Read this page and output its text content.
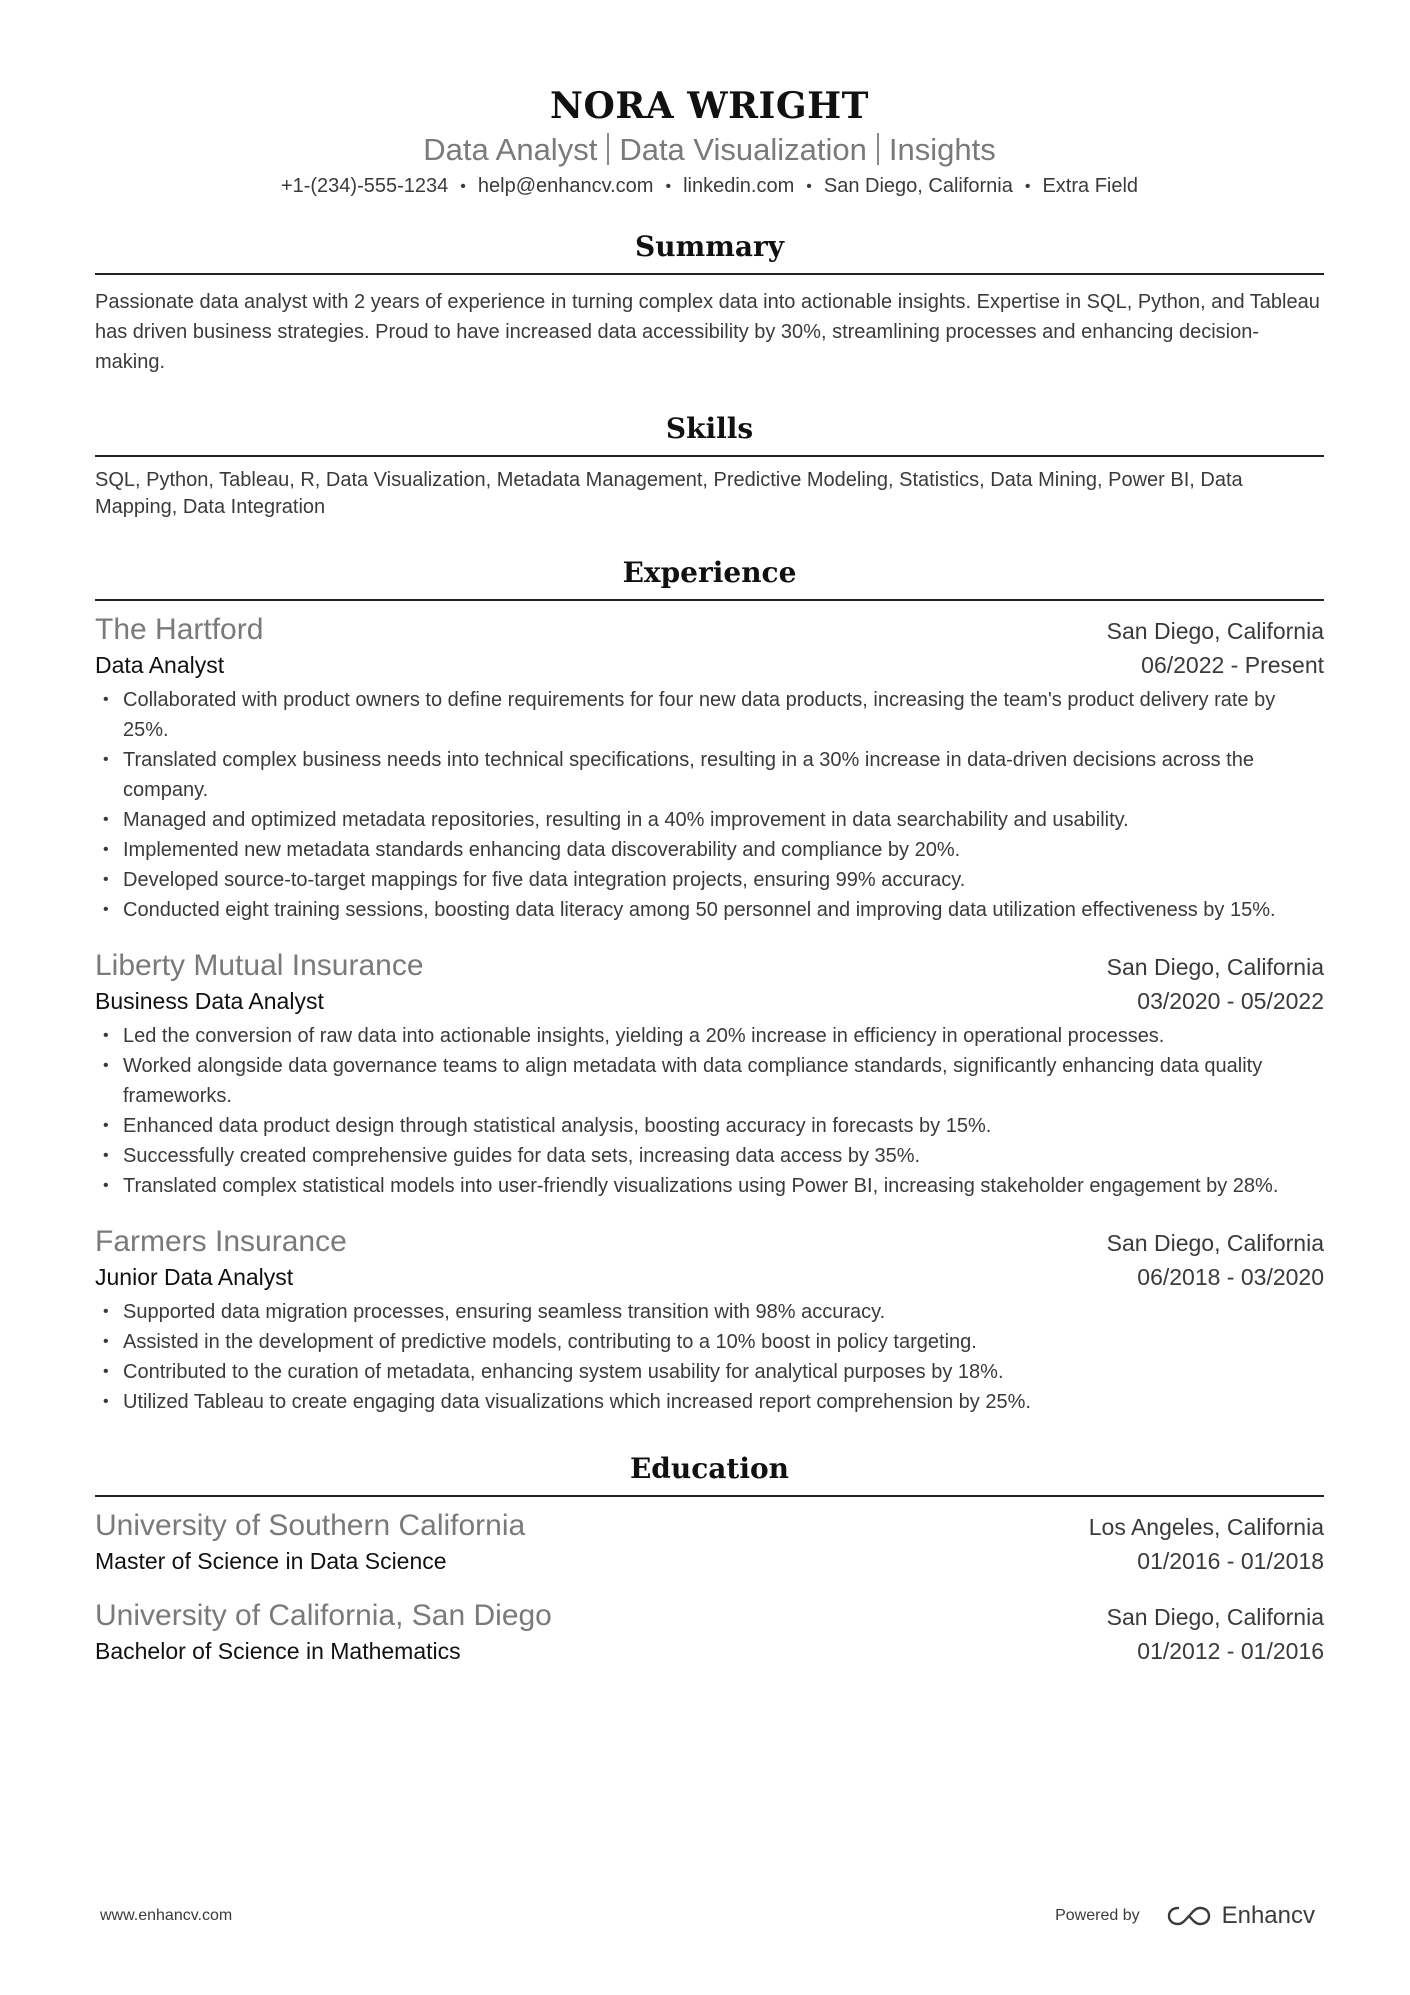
NORA WRIGHT
Data Analyst Data Visualization Insights
+1-(234)-555-1234 • help@enhancv.com • linkedin.com • San Diego, California • Extra Field
Summary
Passionate data analyst with 2 years of experience in turning complex data into actionable insights. Expertise in SQL, Python, and Tableau has driven business strategies. Proud to have increased data accessibility by 30%, streamlining processes and enhancing decision-making.
Skills
SQL, Python, Tableau, R, Data Visualization, Metadata Management, Predictive Modeling, Statistics, Data Mining, Power BI, Data Mapping, Data Integration
Experience
The Hartford	San Diego, California
Data Analyst	06/2022 - Present
• Collaborated with product owners to define requirements for four new data products, increasing the team's product delivery rate by 25%.
• Translated complex business needs into technical specifications, resulting in a 30% increase in data-driven decisions across the company.
• Managed and optimized metadata repositories, resulting in a 40% improvement in data searchability and usability.
• Implemented new metadata standards enhancing data discoverability and compliance by 20%.
• Developed source-to-target mappings for five data integration projects, ensuring 99% accuracy.
• Conducted eight training sessions, boosting data literacy among 50 personnel and improving data utilization effectiveness by 15%.
Liberty Mutual Insurance	San Diego, California
Business Data Analyst	03/2020 - 05/2022
• Led the conversion of raw data into actionable insights, yielding a 20% increase in efficiency in operational processes.
• Worked alongside data governance teams to align metadata with data compliance standards, significantly enhancing data quality frameworks.
• Enhanced data product design through statistical analysis, boosting accuracy in forecasts by 15%.
• Successfully created comprehensive guides for data sets, increasing data access by 35%.
• Translated complex statistical models into user-friendly visualizations using Power BI, increasing stakeholder engagement by 28%.
Farmers Insurance	San Diego, California
Junior Data Analyst	06/2018 - 03/2020
• Supported data migration processes, ensuring seamless transition with 98% accuracy.
• Assisted in the development of predictive models, contributing to a 10% boost in policy targeting.
• Contributed to the curation of metadata, enhancing system usability for analytical purposes by 18%.
• Utilized Tableau to create engaging data visualizations which increased report comprehension by 25%.
Education
University of Southern California	Los Angeles, California
Master of Science in Data Science	01/2016 - 01/2018
University of California, San Diego	San Diego, California
Bachelor of Science in Mathematics	01/2012 - 01/2016
www.enhancv.com	Powered by	Enhancv
